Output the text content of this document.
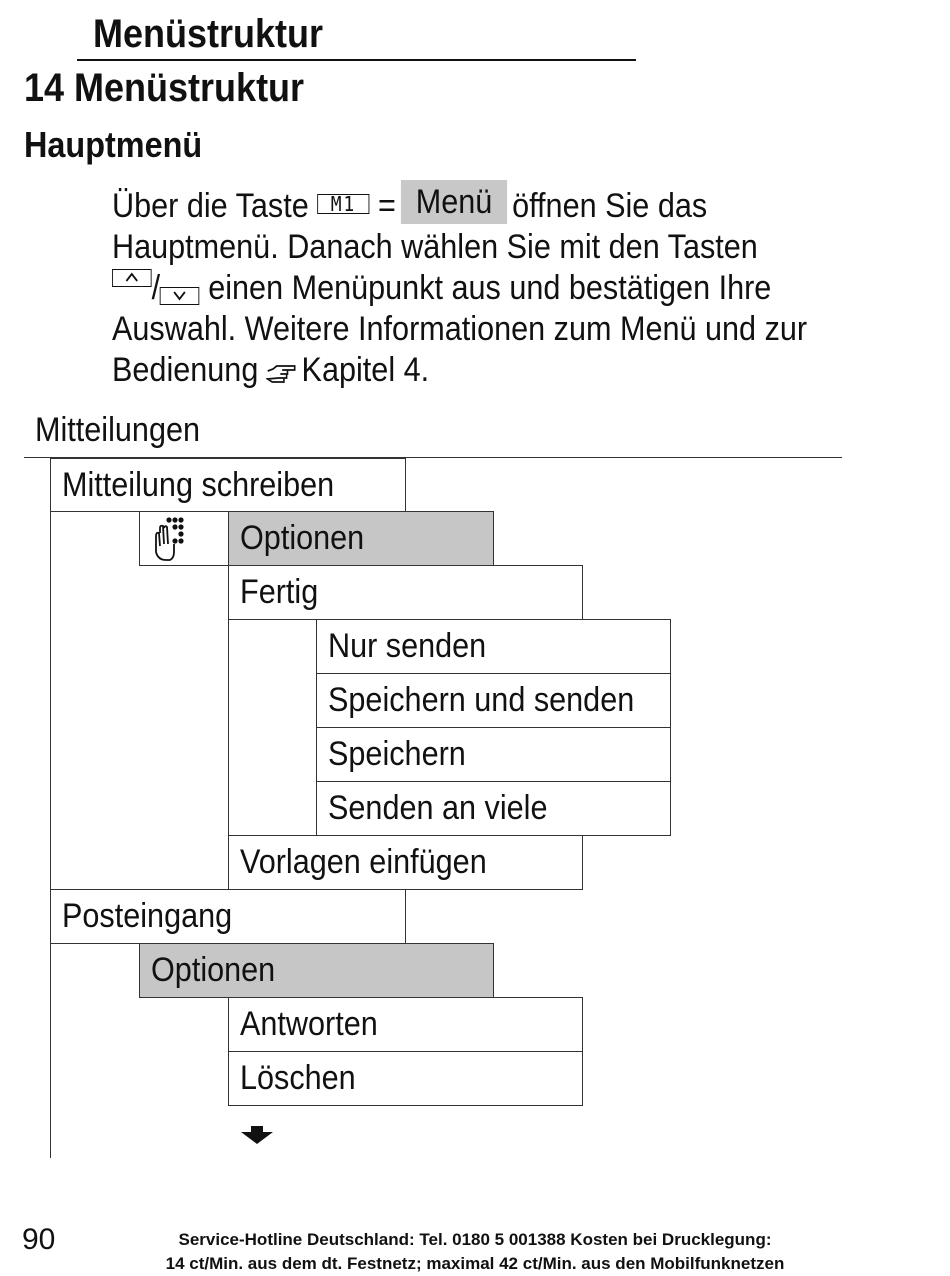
Menüstruktur
14 Menüstruktur
Hauptmenü
Über die Taste M1 = Menü öffnen Sie das
Hauptmenü. Danach wählen Sie mit den Tasten
/ einen Menüpunkt aus und bestätigen Ihre
Auswahl. Weitere Informationen zum Menü und zur
Bedienung Kapitel 4.
Mitteilungen
Mitteilung schreiben
Optionen
Fertig
Nur senden
Speichern und senden
Speichern
Senden an viele
Vorlagen einfügen
Posteingang
Optionen
Antworten
Löschen
90	Service-Hotline Deutschland: Tel. 0180 5 001388 Kosten bei Drucklegung:
14 ct/Min. aus dem dt. Festnetz; maximal 42 ct/Min. aus den Mobilfunknetzen
